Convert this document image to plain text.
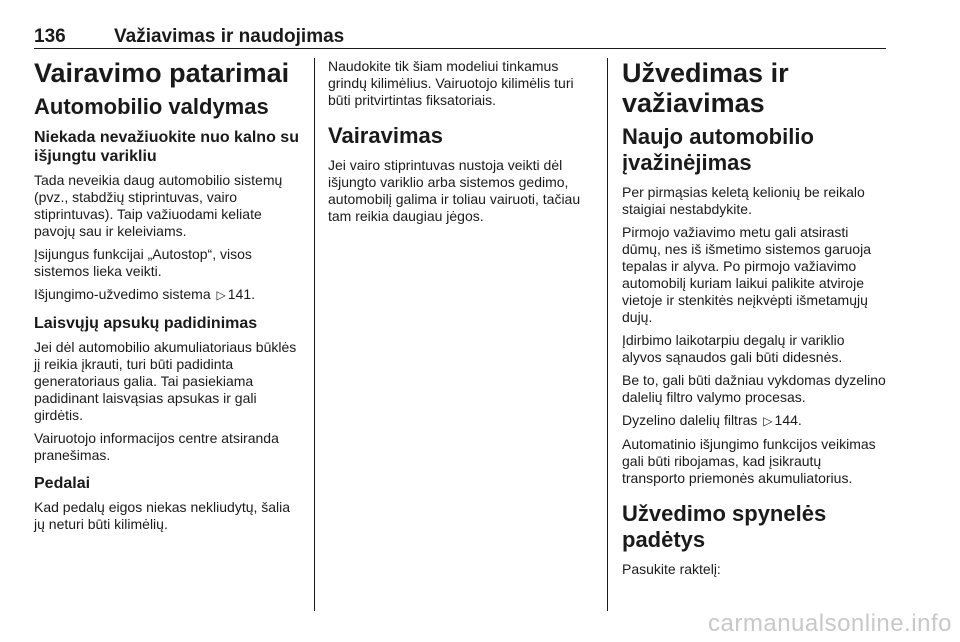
136	Važiavimas ir naudojimas
Vairavimo patarimai
Automobilio valdymas
Niekada nevažiuokite nuo kalno su išjungtu varikliu

Tada neveikia daug automobilio sistemų (pvz., stabdžių stiprintuvas, vairo stiprintuvas). Taip važiuodami keliate pavojų sau ir keleiviams.

Įsijungus funkcijai „Autostop“, visos sistemos lieka veikti.

Išjungimo-užvedimo sistema ▷ 141.

Laisvųjų apsukų padidinimas

Jei dėl automobilio akumuliatoriaus būklės jį reikia įkrauti, turi būti padidinta generatoriaus galia. Tai pasiekiama padidinant laisvąsias apsukas ir gali girdėtis.

Vairuotojo informacijos centre atsiranda pranešimas.

Pedalai

Kad pedalų eigos niekas nekliudytų, šalia jų neturi būti kilimėlių.

Naudokite tik šiam modeliui tinkamus grindų kilimėlius. Vairuotojo kilimėlis turi būti pritvirtintas fiksatoriais.

Vairavimas

Jei vairo stiprintuvas nustoja veikti dėl išjungto variklio arba sistemos gedimo, automobilį galima ir toliau vairuoti, tačiau tam reikia daugiau jėgos.

Užvedimas ir važiavimas
Naujo automobilio įvažinėjimas

Per pirmąsias keletą kelionių be reikalo staigiai nestabdykite.

Pirmojo važiavimo metu gali atsirasti dūmų, nes iš išmetimo sistemos garuoja tepalas ir alyva. Po pirmojo važiavimo automobilį kuriam laikui palikite atviroje vietoje ir stenkitės neįkvėpti išmetamųjų dujų.

Įdirbimo laikotarpiu degalų ir variklio alyvos sąnaudos gali būti didesnės.

Be to, gali būti dažniau vykdomas dyzelino dalelių filtro valymo procesas.

Dyzelino dalelių filtras ▷ 144.

Automatinio išjungimo funkcijos veikimas gali būti ribojamas, kad įsikrautų transporto priemonės akumuliatorius.

Užvedimo spynelės padėtys

Pasukite raktelį:

carmanualsonline.info
